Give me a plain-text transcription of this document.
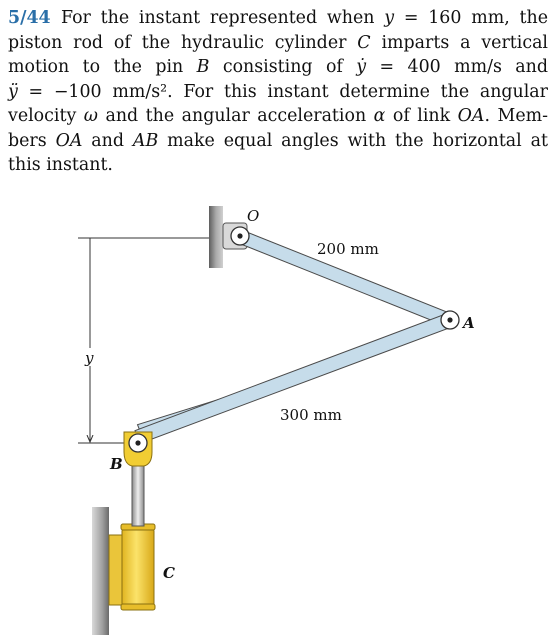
5/44 For the instant represented when y = 160 mm, the
piston rod of the hydraulic cylinder C imparts a vertical
motion to the pin B consisting of ẏ = 400 mm/s and
ÿ = −100 mm/s². For this instant determine the angular
velocity ω and the angular acceleration α of link OA. Mem-
bers OA and AB make equal angles with the horizontal at
this instant.
y
O
A
B
C
200 mm
300 mm
